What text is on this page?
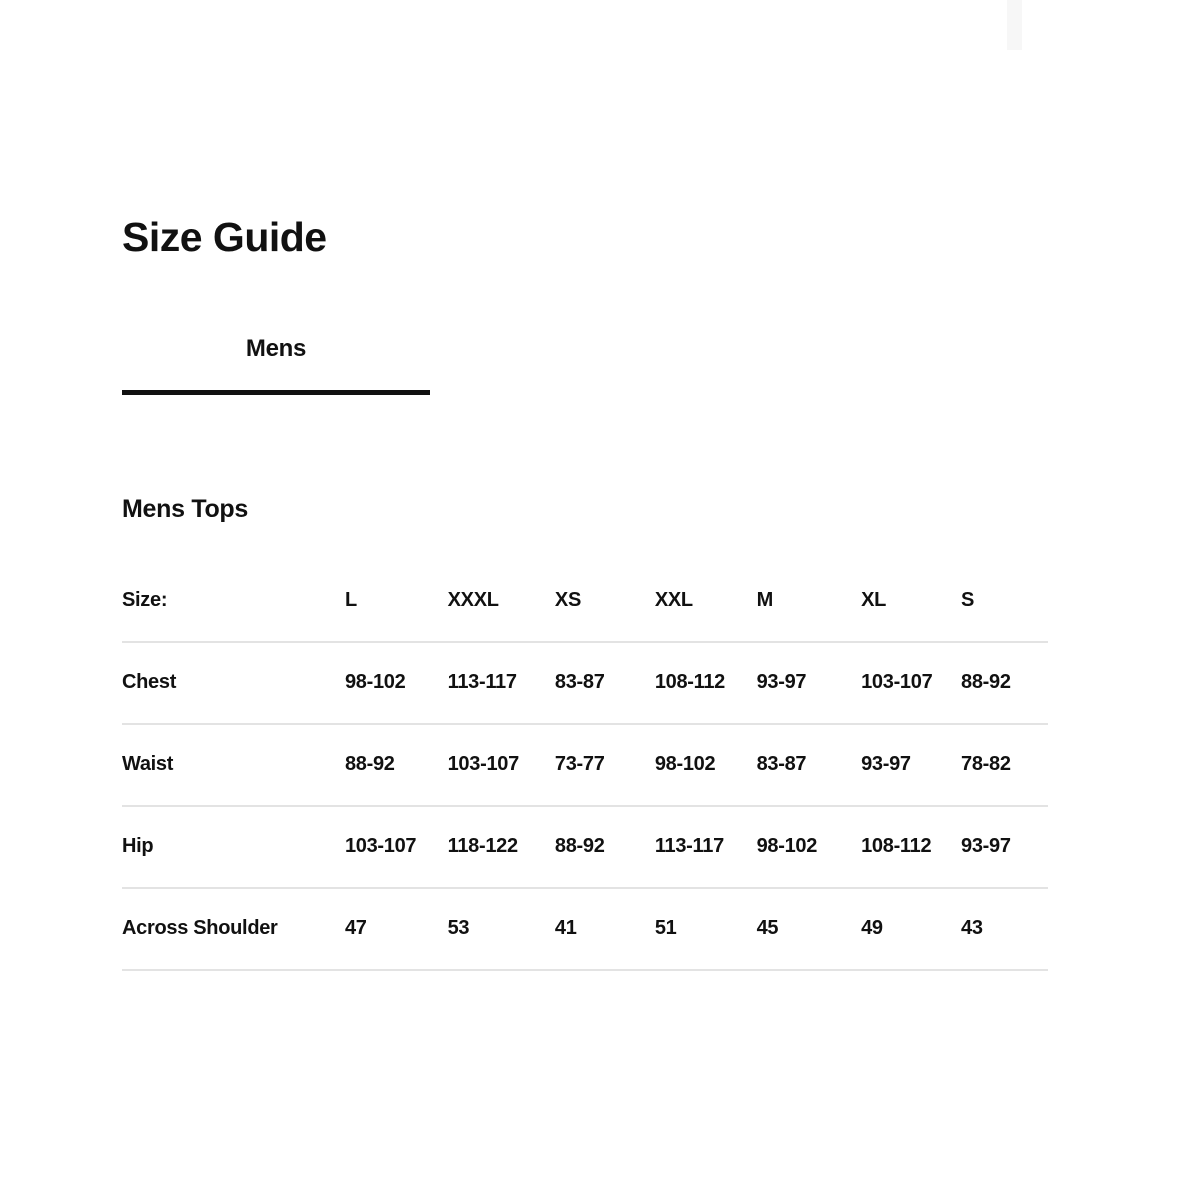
Size Guide
Mens
Mens Tops
Size:	L	XXXL	XS	XXL	M	XL	S
Chest	98-102	113-117	83-87	108-112	93-97	103-107	88-92
Waist	88-92	103-107	73-77	98-102	83-87	93-97	78-82
Hip	103-107	118-122	88-92	113-117	98-102	108-112	93-97
Across Shoulder	47	53	41	51	45	49	43
